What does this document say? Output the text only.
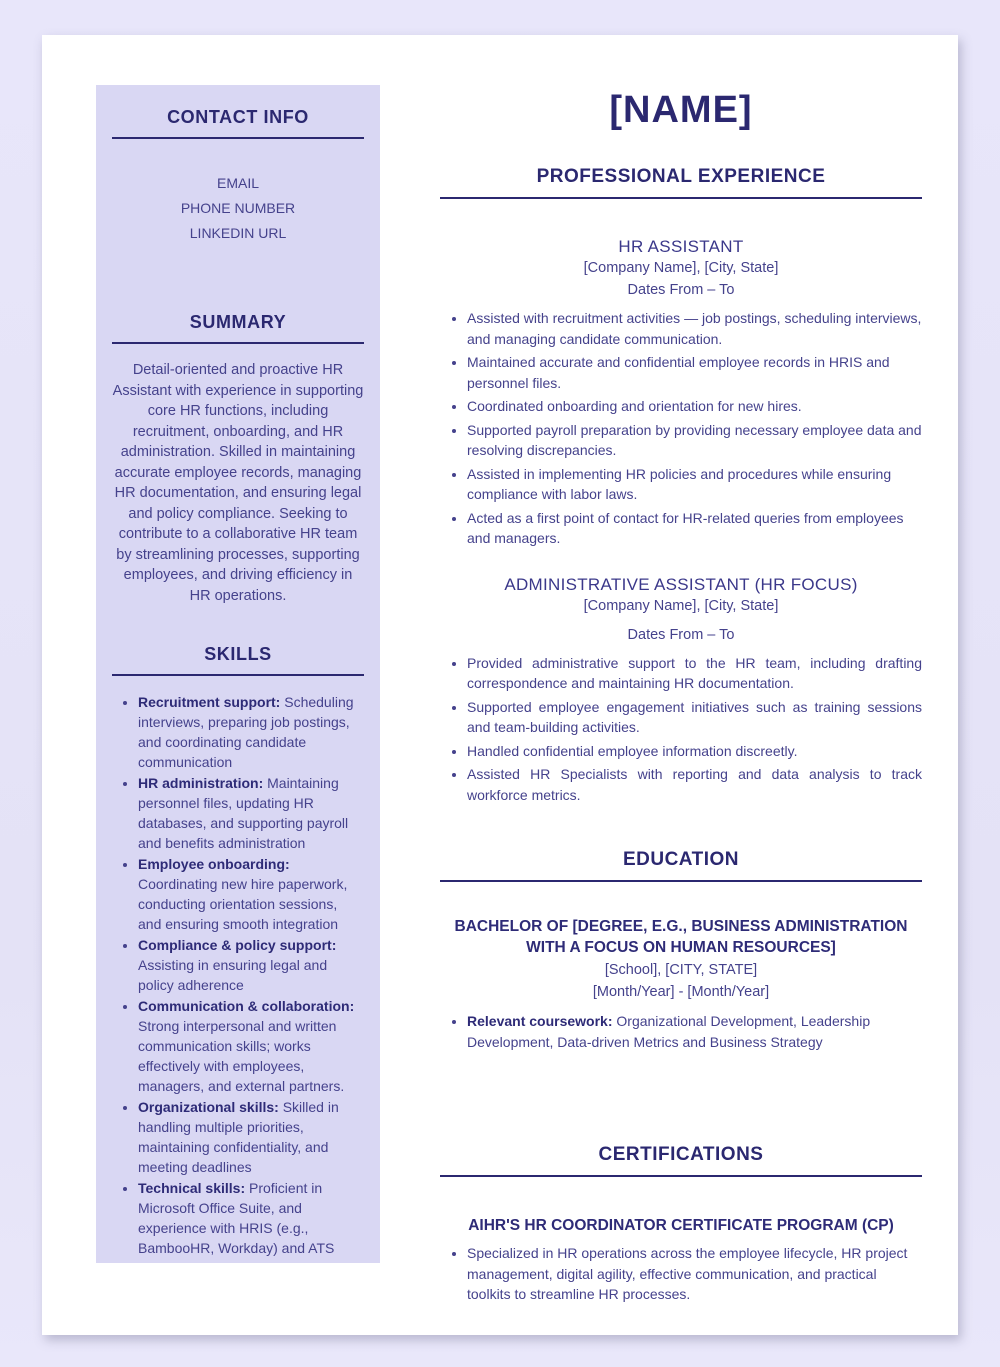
CONTACT INFO
EMAIL
PHONE NUMBER
LINKEDIN URL
SUMMARY

Detail-oriented and proactive HR Assistant with experience in supporting core HR functions, including recruitment, onboarding, and HR administration. Skilled in maintaining accurate employee records, managing HR documentation, and ensuring legal and policy compliance. Seeking to contribute to a collaborative HR team by streamlining processes, supporting employees, and driving efficiency in HR operations.

SKILLS
• Recruitment support: Scheduling interviews, preparing job postings, and coordinating candidate communication
• HR administration: Maintaining personnel files, updating HR databases, and supporting payroll and benefits administration
• Employee onboarding: Coordinating new hire paperwork, conducting orientation sessions, and ensuring smooth integration
• Compliance & policy support: Assisting in ensuring legal and policy adherence
• Communication & collaboration: Strong interpersonal and written communication skills; works effectively with employees, managers, and external partners.
• Organizational skills: Skilled in handling multiple priorities, maintaining confidentiality, and meeting deadlines
• Technical skills: Proficient in Microsoft Office Suite, and experience with HRIS (e.g., BambooHR, Workday) and ATS
[NAME]
PROFESSIONAL EXPERIENCE
HR ASSISTANT
[Company Name], [City, State]
Dates From – To
• Assisted with recruitment activities — job postings, scheduling interviews, and managing candidate communication.
• Maintained accurate and confidential employee records in HRIS and personnel files.
• Coordinated onboarding and orientation for new hires.
• Supported payroll preparation by providing necessary employee data and resolving discrepancies.
• Assisted in implementing HR policies and procedures while ensuring compliance with labor laws.
• Acted as a first point of contact for HR-related queries from employees and managers.
ADMINISTRATIVE ASSISTANT (HR FOCUS)
[Company Name], [City, State]
Dates From – To
• Provided administrative support to the HR team, including drafting correspondence and maintaining HR documentation.
• Supported employee engagement initiatives such as training sessions and team-building activities.
• Handled confidential employee information discreetly.
• Assisted HR Specialists with reporting and data analysis to track workforce metrics.
EDUCATION
BACHELOR OF [DEGREE, E.G., BUSINESS ADMINISTRATION WITH A FOCUS ON HUMAN RESOURCES]
[School], [CITY, STATE]
[Month/Year] - [Month/Year]
• Relevant coursework: Organizational Development, Leadership Development, Data-driven Metrics and Business Strategy
CERTIFICATIONS
AIHR'S HR COORDINATOR CERTIFICATE PROGRAM (CP)
• Specialized in HR operations across the employee lifecycle, HR project management, digital agility, effective communication, and practical toolkits to streamline HR processes.
